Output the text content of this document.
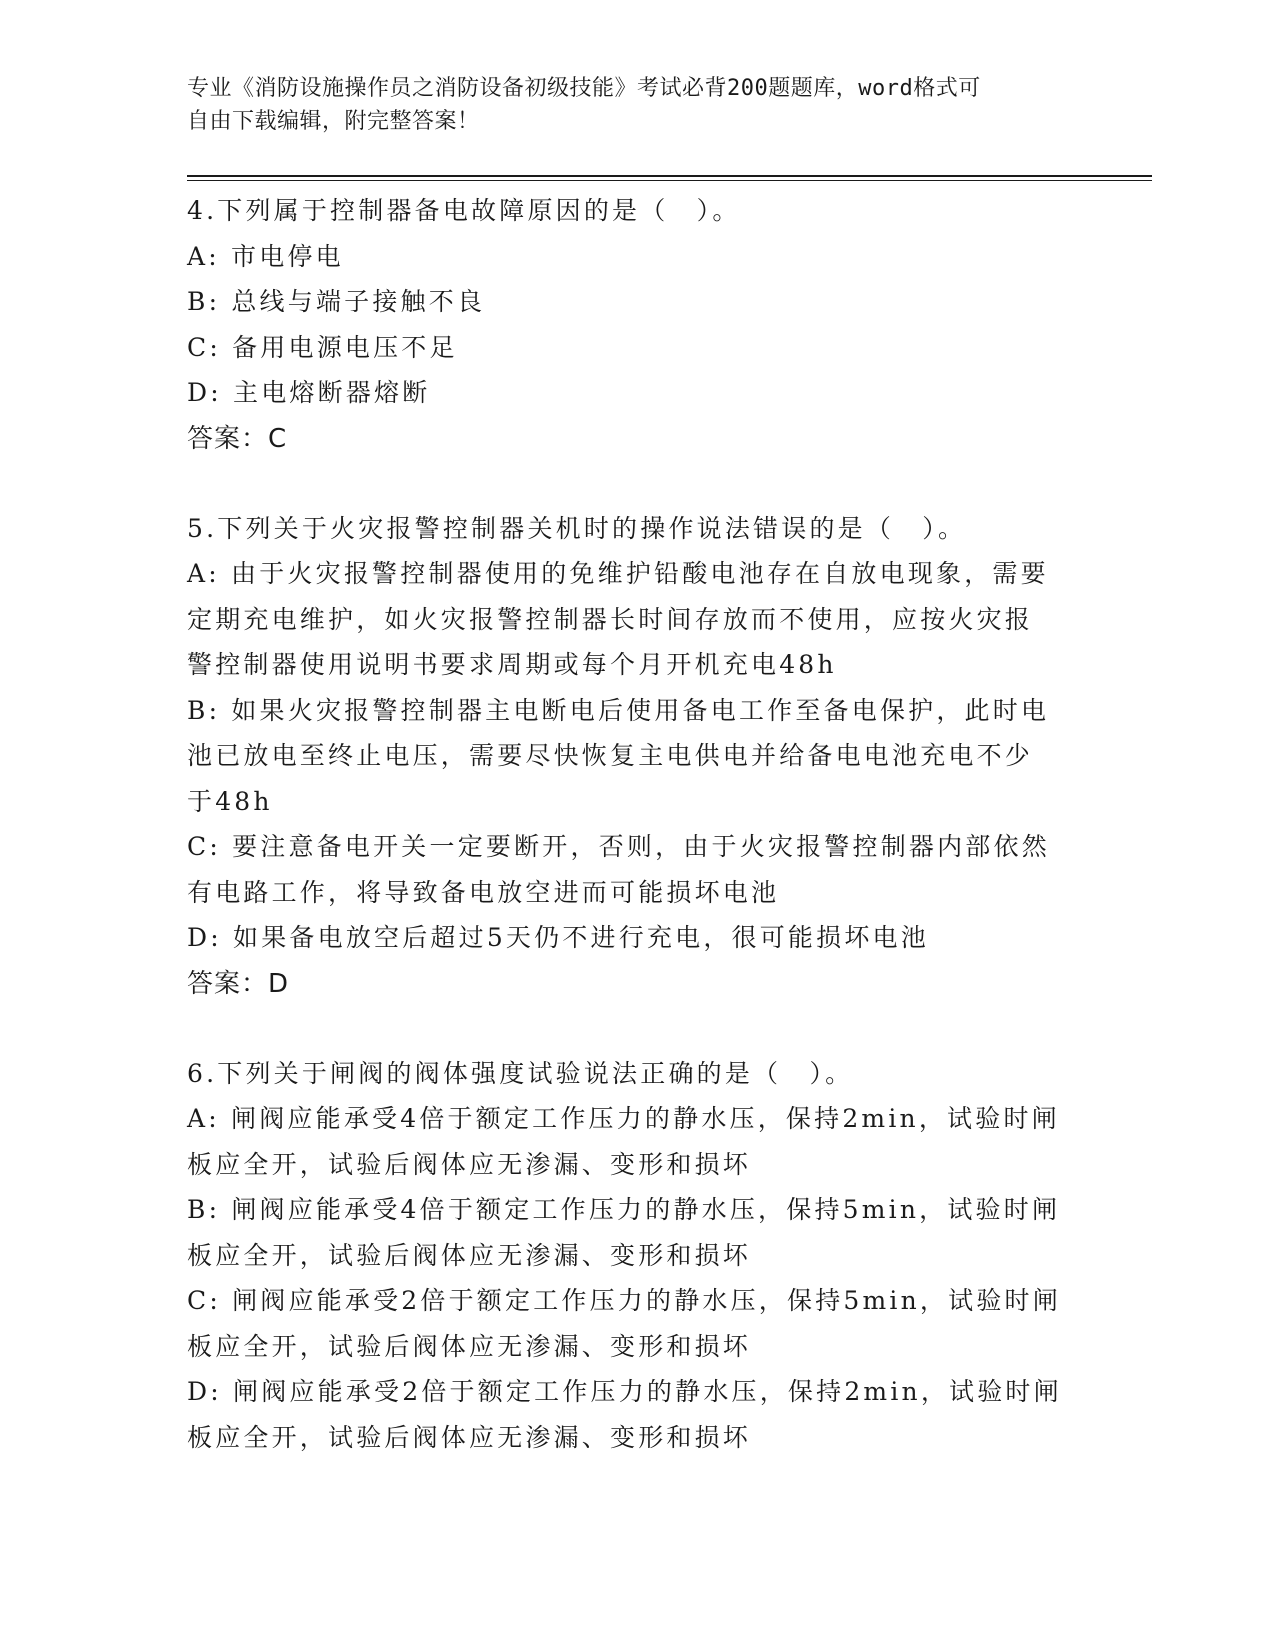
专业《消防设施操作员之消防设备初级技能》考试必背200题题库，word格式可
自由下载编辑，附完整答案！
4.下列属于控制器备电故障原因的是（　）。
A: 市电停电
B: 总线与端子接触不良
C: 备用电源电压不足
D: 主电熔断器熔断
答案：C
5.下列关于火灾报警控制器关机时的操作说法错误的是（　）。
A: 由于火灾报警控制器使用的免维护铅酸电池存在自放电现象，需要
定期充电维护，如火灾报警控制器长时间存放而不使用，应按火灾报
警控制器使用说明书要求周期或每个月开机充电48h
B: 如果火灾报警控制器主电断电后使用备电工作至备电保护，此时电
池已放电至终止电压，需要尽快恢复主电供电并给备电电池充电不少
于48h
C: 要注意备电开关一定要断开，否则，由于火灾报警控制器内部依然
有电路工作，将导致备电放空进而可能损坏电池
D: 如果备电放空后超过5天仍不进行充电，很可能损坏电池
答案：D
6.下列关于闸阀的阀体强度试验说法正确的是（　）。
A: 闸阀应能承受4倍于额定工作压力的静水压，保持2min，试验时闸
板应全开，试验后阀体应无渗漏、变形和损坏
B: 闸阀应能承受4倍于额定工作压力的静水压，保持5min，试验时闸
板应全开，试验后阀体应无渗漏、变形和损坏
C: 闸阀应能承受2倍于额定工作压力的静水压，保持5min，试验时闸
板应全开，试验后阀体应无渗漏、变形和损坏
D: 闸阀应能承受2倍于额定工作压力的静水压，保持2min，试验时闸
板应全开，试验后阀体应无渗漏、变形和损坏
